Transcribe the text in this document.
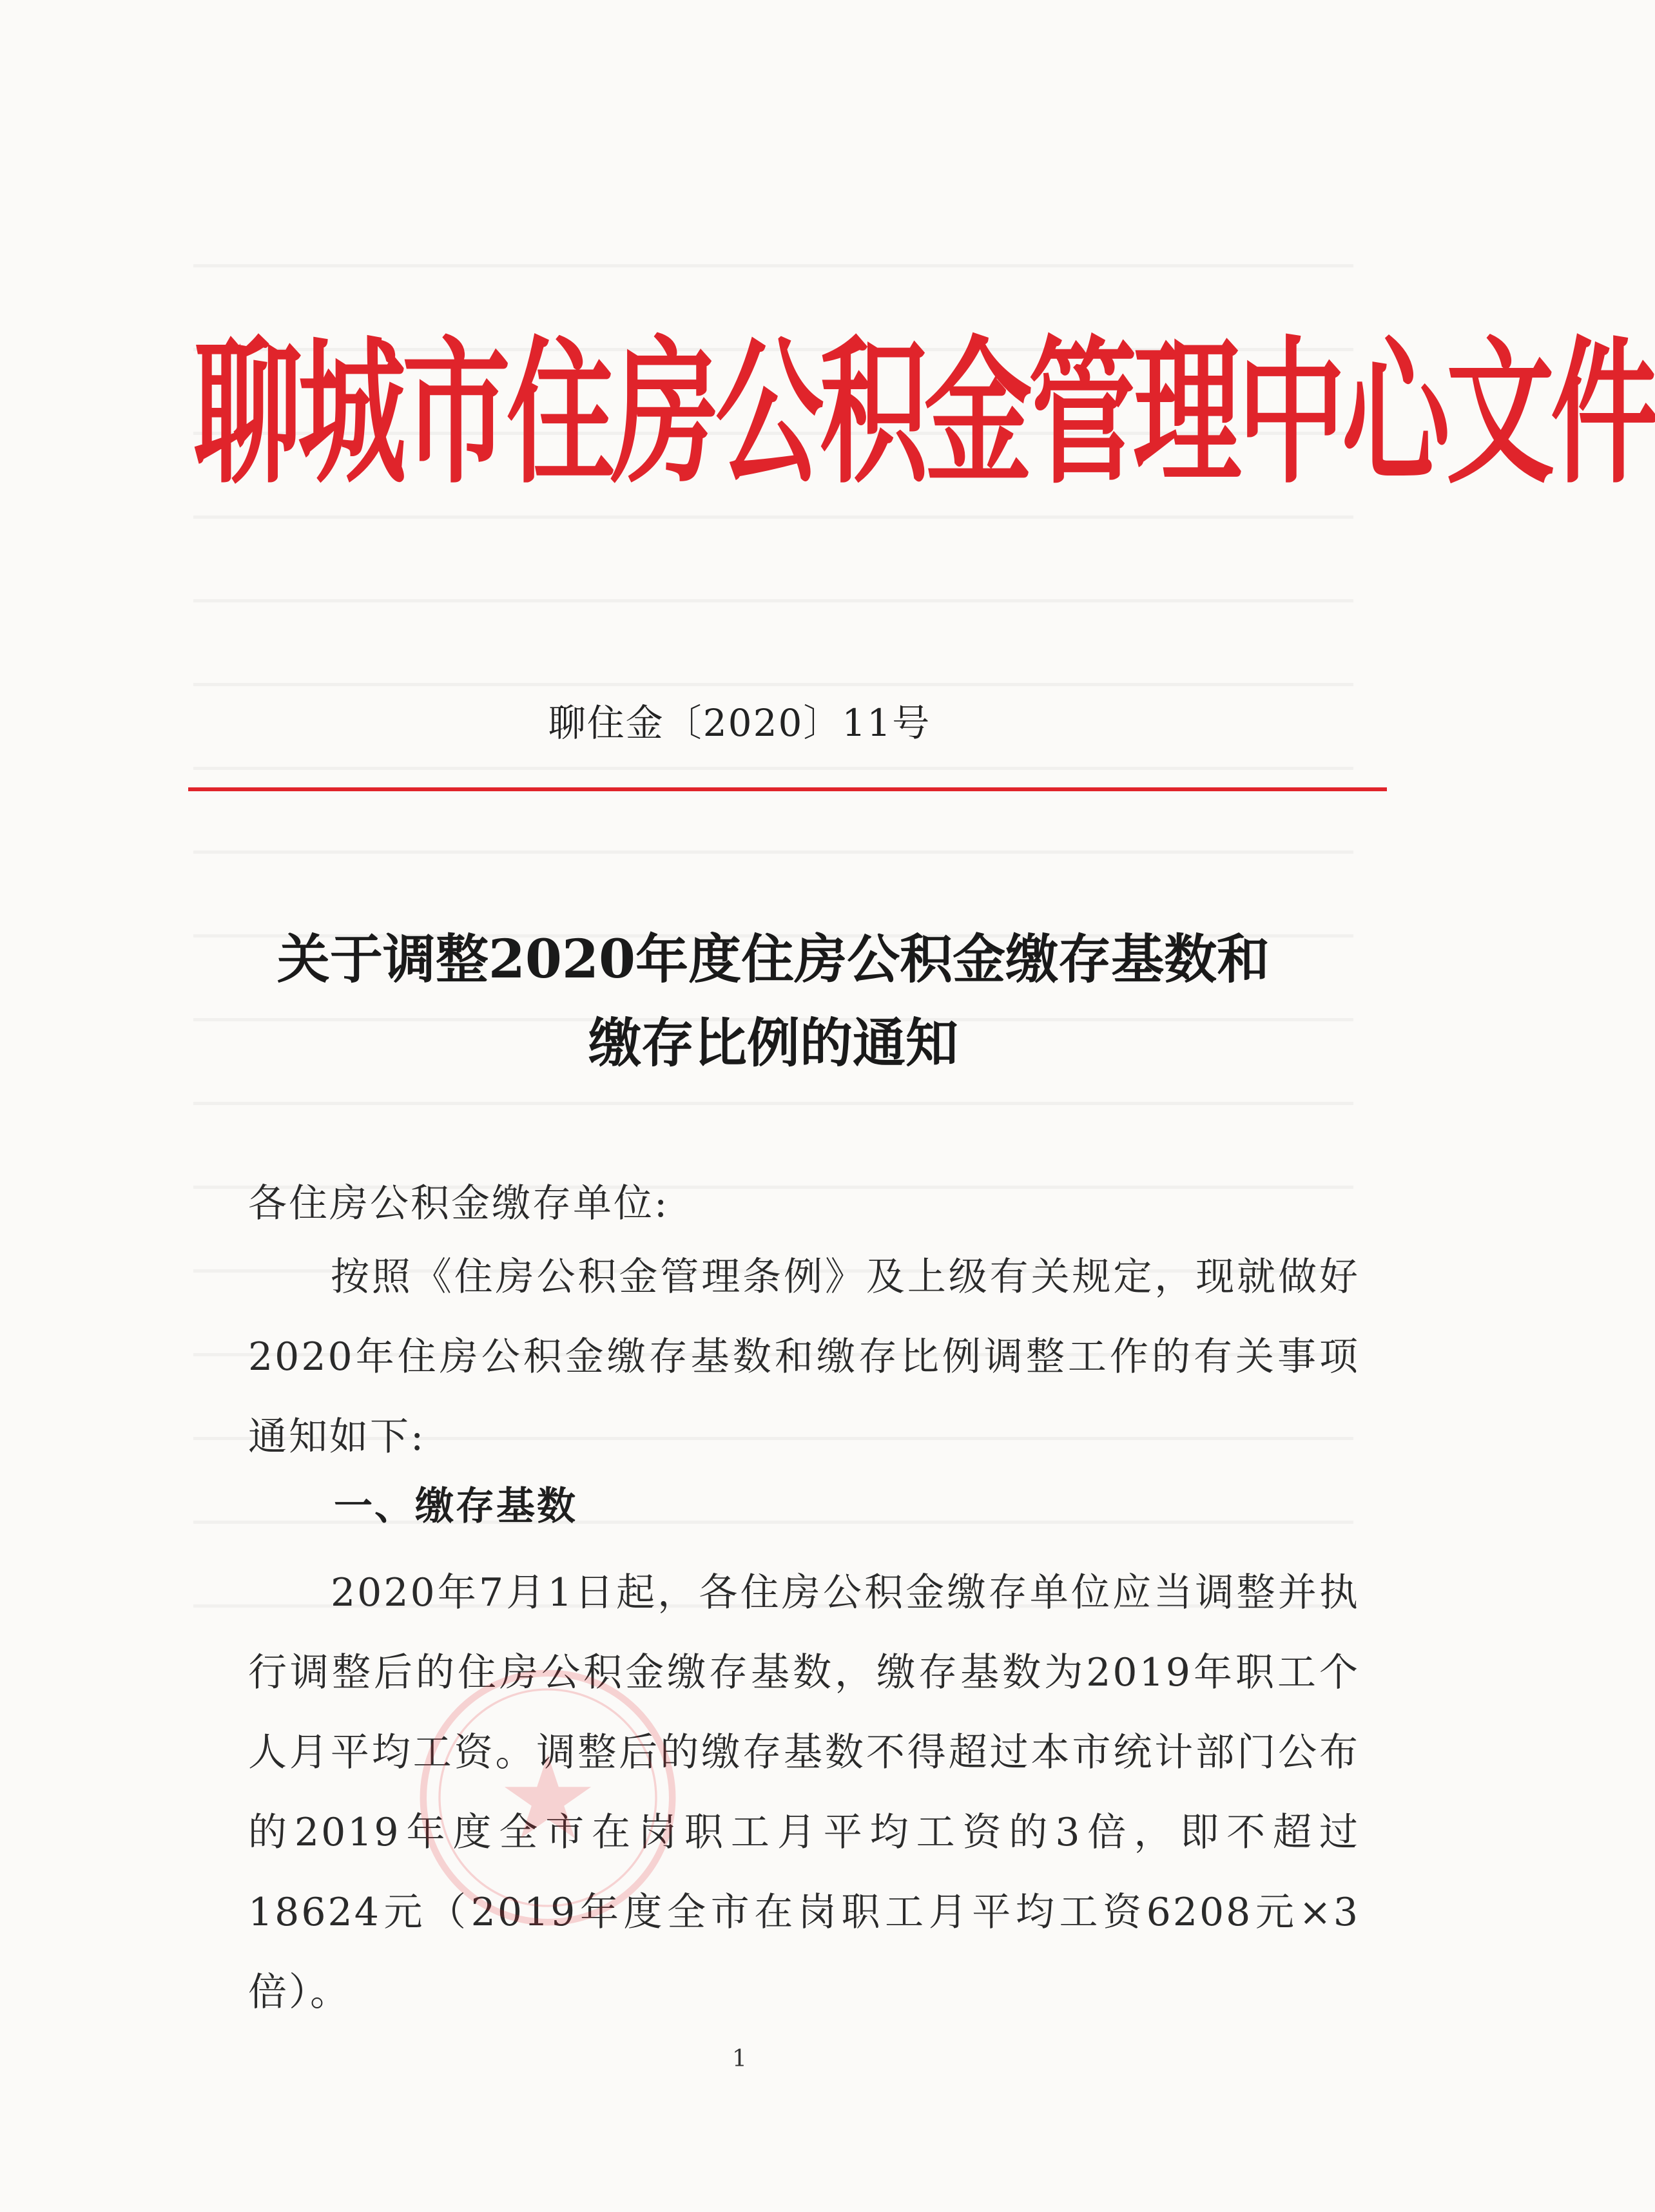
聊城市住房公积金管理中心文件
聊住金〔2020〕11号
关于调整2020年度住房公积金缴存基数和
缴存比例的通知
各住房公积金缴存单位:
按照《住房公积金管理条例》及上级有关规定，现就做好2020年住房公积金缴存基数和缴存比例调整工作的有关事项通知如下:
一、缴存基数
2020年7月1日起，各住房公积金缴存单位应当调整并执行调整后的住房公积金缴存基数，缴存基数为2019年职工个人月平均工资。调整后的缴存基数不得超过本市统计部门公布的2019年度全市在岗职工月平均工资的3倍，即不超过18624元（2019年度全市在岗职工月平均工资6208元×3倍）。
1
